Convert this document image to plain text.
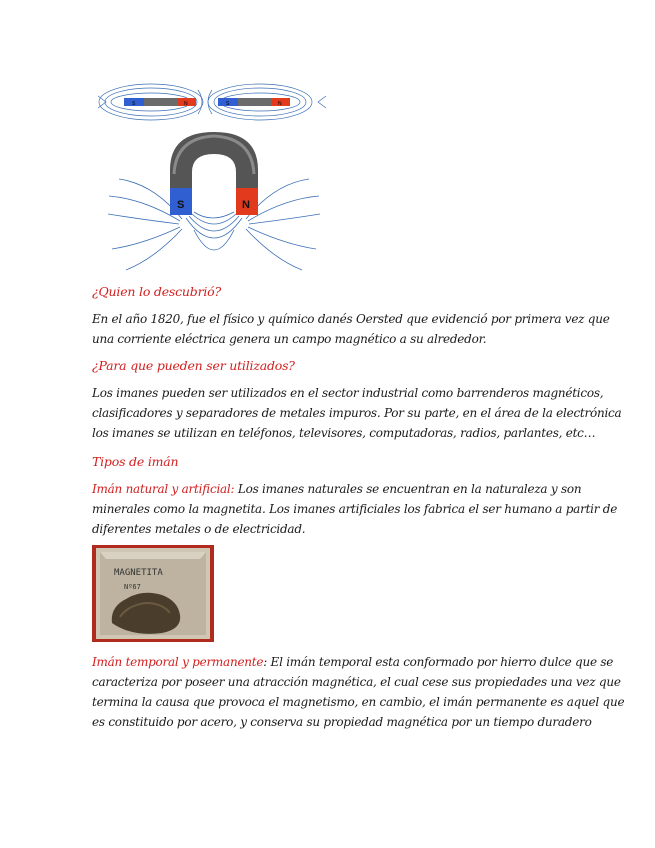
S	N	S	N
S	N
¿Quien lo descubrió?
En el año 1820, fue el físico y químico danés Oersted que evidenció por primera vez que
una corriente eléctrica genera un campo magnético a su alrededor.
¿Para que pueden ser utilizados?
Los imanes pueden ser utilizados en el sector industrial como barrenderos magnéticos,
clasificadores y separadores de metales impuros. Por su parte, en el área de la electrónica
los imanes se utilizan en teléfonos, televisores, computadoras, radios, parlantes, etc…
Tipos de imán
Imán natural y artificial: Los imanes naturales se encuentran en la naturaleza y son
minerales como la magnetita. Los imanes artificiales los fabrica el ser humano a partir de
diferentes metales o de electricidad.
MAGNETITA
Nº67
Imán temporal y permanente: El imán temporal esta conformado por hierro dulce que se
caracteriza por poseer una atracción magnética, el cual cese sus propiedades una vez que
termina la causa que provoca el magnetismo, en cambio, el imán permanente es aquel que
es constituido por acero, y conserva su propiedad magnética por un tiempo duradero
